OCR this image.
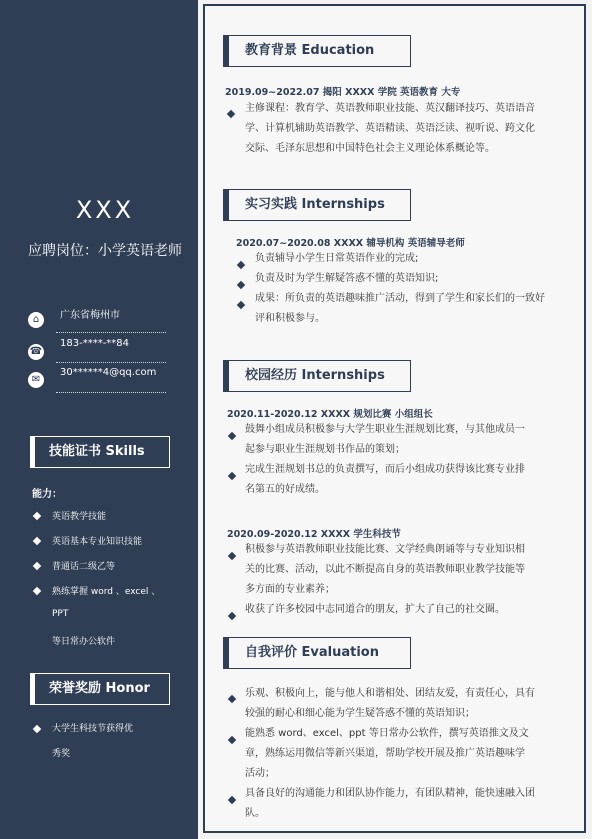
XXX
应聘岗位：小学英语老师
⌂	广东省梅州市
☎
183-****-**84
✉
30******4@qq.com
技能证书 Skills
能力：
英语教学技能
英语基本专业知识技能
普通话二级乙等
熟练掌握 word 、excel 、
PPT
等日常办公软件
荣誉奖励 Honor
大学生科技节获得优
秀奖
教育背景 Education
2019.09~2022.07 揭阳 XXXX 学院 英语教育 大专
主修课程：教育学、英语教师职业技能、英汉翻译技巧、英语语音
学、计算机辅助英语教学、英语精读、英语泛读、视听说、跨文化
交际、毛泽东思想和中国特色社会主义理论体系概论等。
实习实践 Internships
2020.07~2020.08 XXXX 辅导机构 英语辅导老师
负责辅导小学生日常英语作业的完成;
负责及时为学生解疑答惑不懂的英语知识;
成果：所负责的英语趣味推广活动，得到了学生和家长们的一致好
评和积极参与。
校园经历 Internships
2020.11-2020.12 XXXX 规划比赛 小组组长
鼓舞小组成员积极参与大学生职业生涯规划比赛，与其他成员一
起参与职业生涯规划书作品的策划；
完成生涯规划书总的负责撰写，而后小组成功获得该比赛专业排
名第五的好成绩。
2020.09-2020.12 XXXX 学生科技节
积极参与英语教师职业技能比赛、文学经典朗诵等与专业知识相
关的比赛、活动，以此不断提高自身的英语教师职业教学技能等
多方面的专业素养；
收获了许多校园中志同道合的朋友，扩大了自己的社交圈。
自我评价 Evaluation
乐观、积极向上，能与他人和谐相处、团结友爱，有责任心，具有
较强的耐心和细心能为学生疑答惑不懂的英语知识；
能熟悉 word、excel、ppt 等日常办公软件，撰写英语推文及文
章，熟练运用微信等新兴渠道，帮助学校开展及推广英语趣味学
活动；
具备良好的沟通能力和团队协作能力，有团队精神，能快速融入团
队。
